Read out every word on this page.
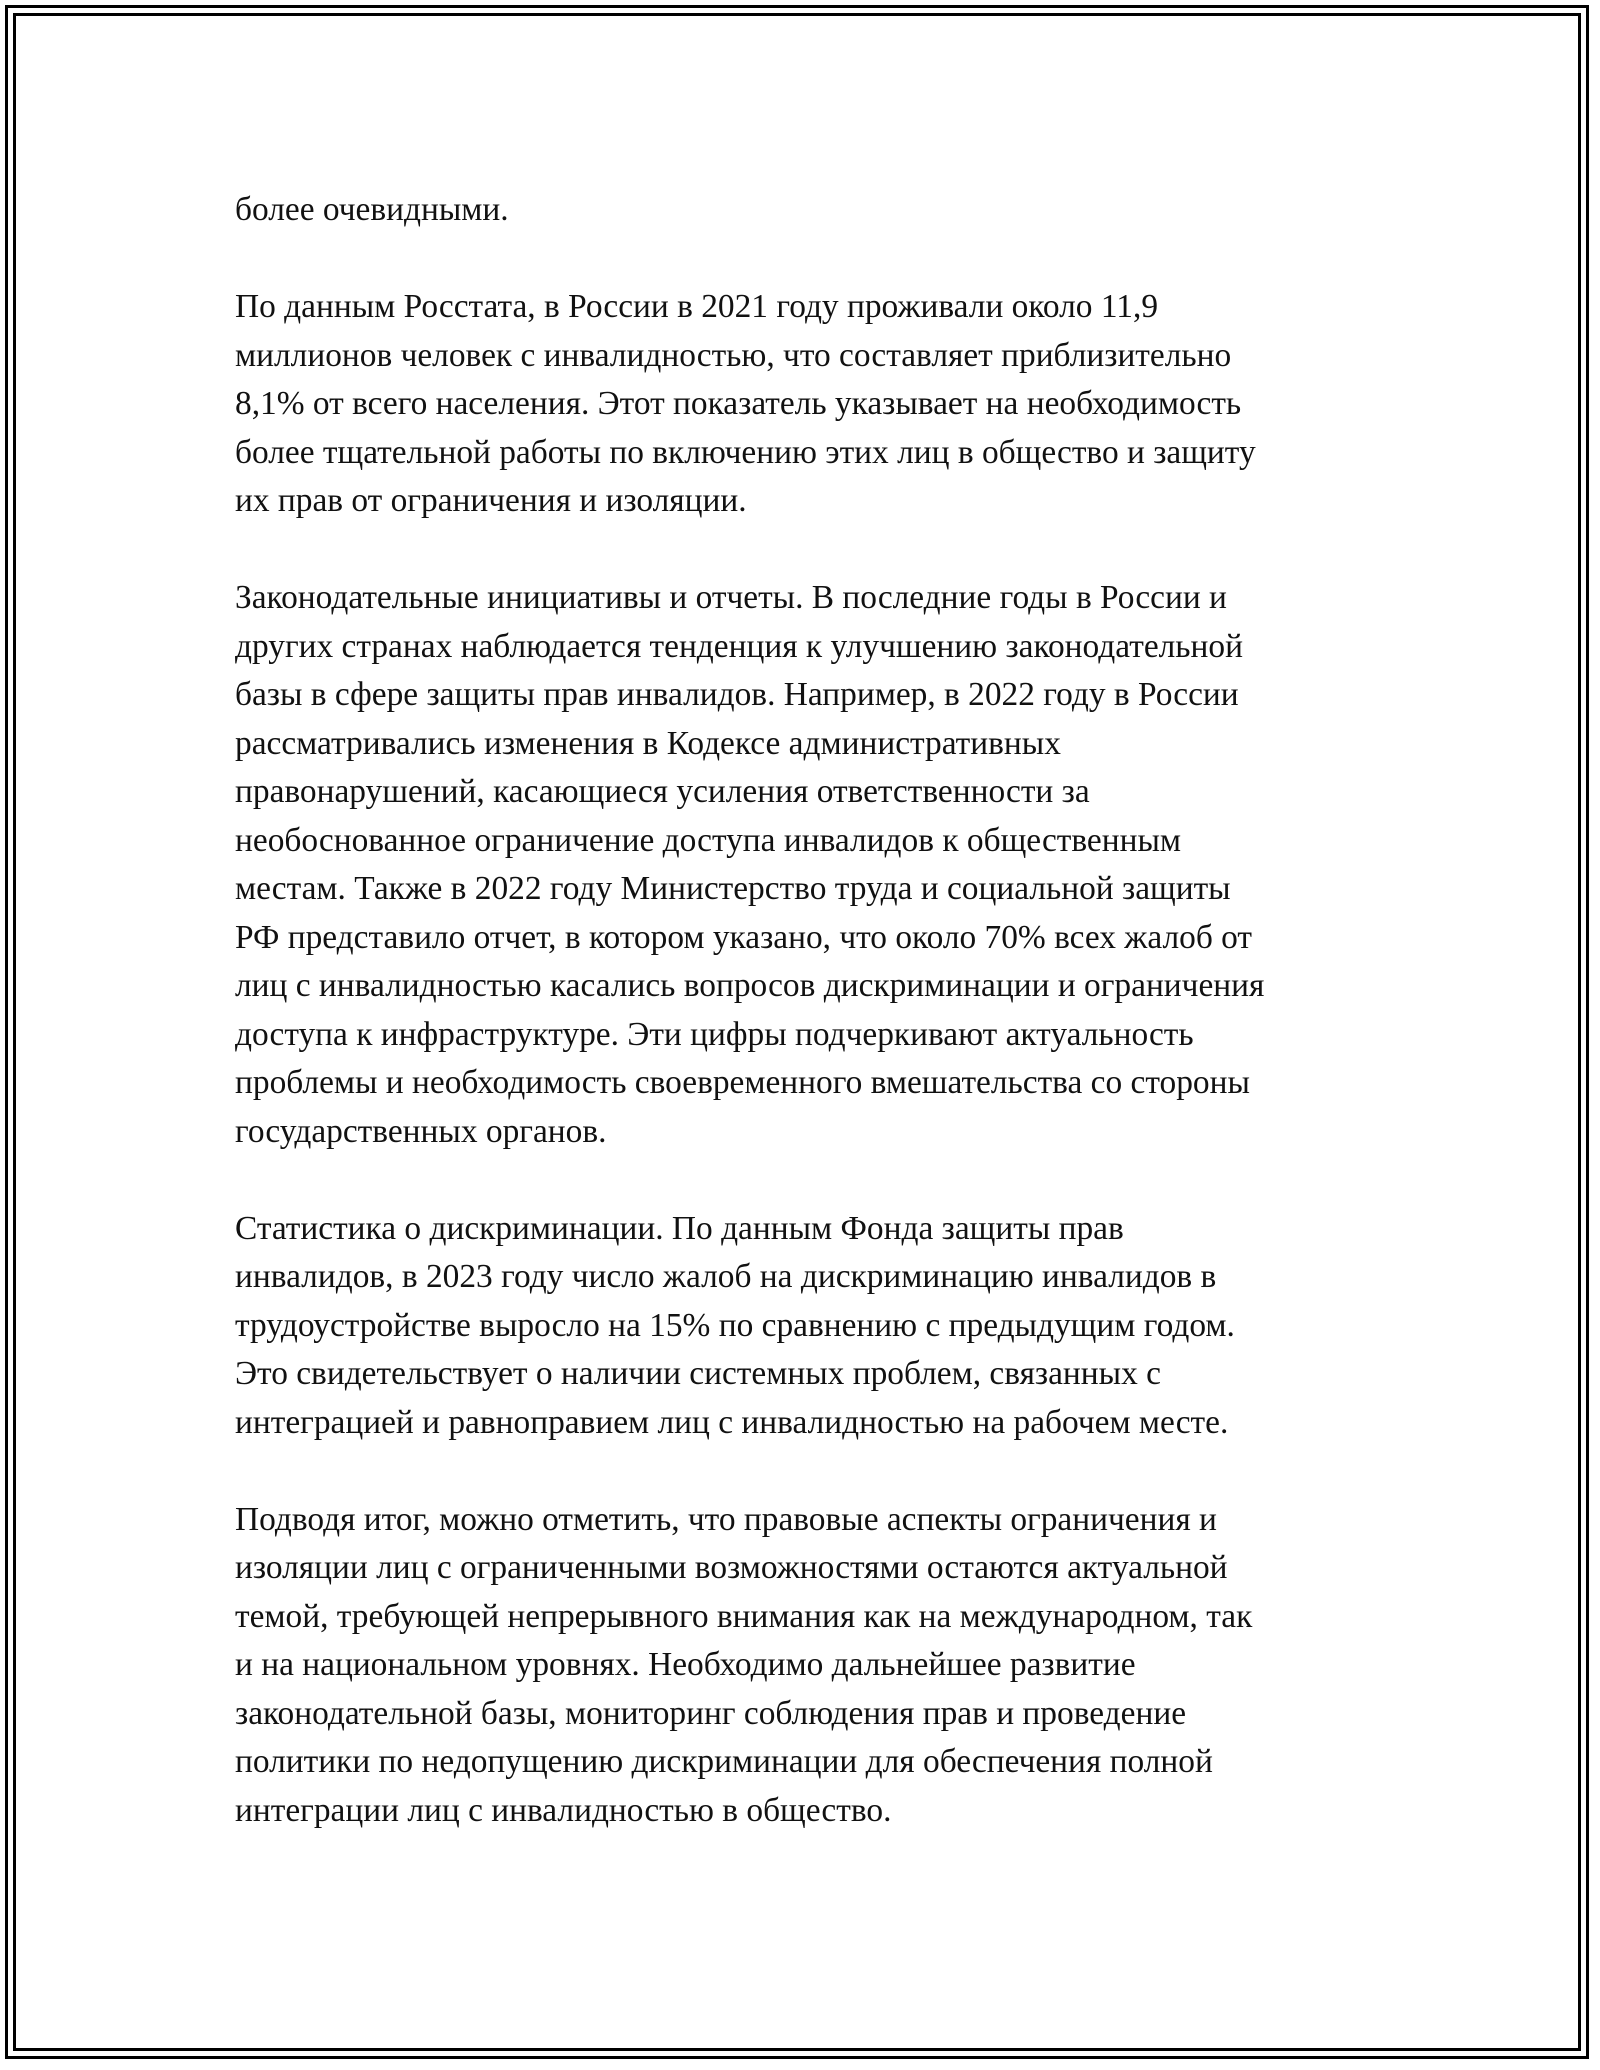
более очевидными.

По данным Росстата, в России в 2021 году проживали около 11,9
миллионов человек с инвалидностью, что составляет приблизительно
8,1% от всего населения. Этот показатель указывает на необходимость
более тщательной работы по включению этих лиц в общество и защиту
их прав от ограничения и изоляции.

Законодательные инициативы и отчеты. В последние годы в России и
других странах наблюдается тенденция к улучшению законодательной
базы в сфере защиты прав инвалидов. Например, в 2022 году в России
рассматривались изменения в Кодексе административных
правонарушений, касающиеся усиления ответственности за
необоснованное ограничение доступа инвалидов к общественным
местам. Также в 2022 году Министерство труда и социальной защиты
РФ представило отчет, в котором указано, что около 70% всех жалоб от
лиц с инвалидностью касались вопросов дискриминации и ограничения
доступа к инфраструктуре. Эти цифры подчеркивают актуальность
проблемы и необходимость своевременного вмешательства со стороны
государственных органов.

Статистика о дискриминации. По данным Фонда защиты прав
инвалидов, в 2023 году число жалоб на дискриминацию инвалидов в
трудоустройстве выросло на 15% по сравнению с предыдущим годом.
Это свидетельствует о наличии системных проблем, связанных с
интеграцией и равноправием лиц с инвалидностью на рабочем месте.

Подводя итог, можно отметить, что правовые аспекты ограничения и
изоляции лиц с ограниченными возможностями остаются актуальной
темой, требующей непрерывного внимания как на международном, так
и на национальном уровнях. Необходимо дальнейшее развитие
законодательной базы, мониторинг соблюдения прав и проведение
политики по недопущению дискриминации для обеспечения полной
интеграции лиц с инвалидностью в общество.
